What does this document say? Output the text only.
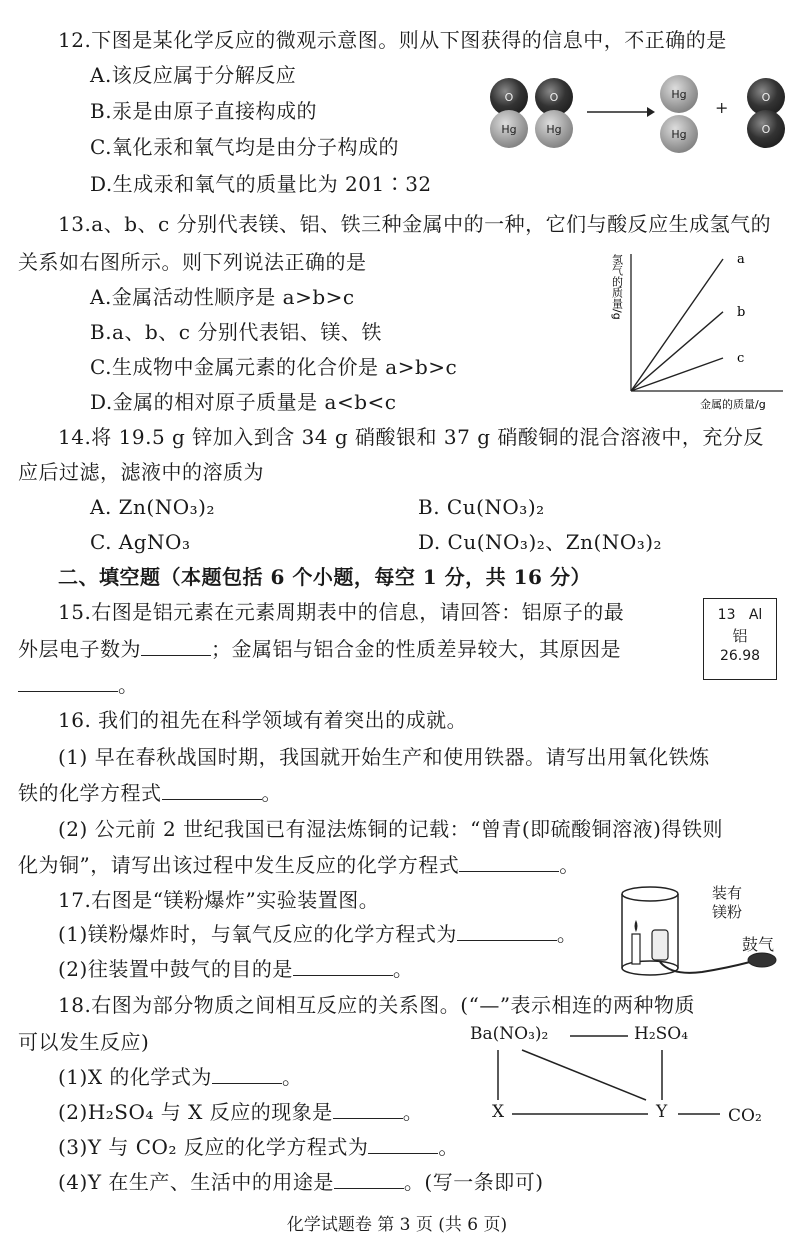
12.下图是某化学反应的微观示意图。则从下图获得的信息中，不正确的是
A.该反应属于分解反应
B.汞是由原子直接构成的
C.氧化汞和氧气均是由分子构成的
D.生成汞和氧气的质量比为 201∶32
O
Hg
O
Hg
Hg
Hg
+
O
O
13.a、b、c 分别代表镁、铝、铁三种金属中的一种，它们与酸反应生成氢气的
关系如右图所示。则下列说法正确的是
A.金属活动性顺序是 a>b>c
B.a、b、c 分别代表铝、镁、铁
C.生成物中金属元素的化合价是 a>b>c
D.金属的相对原子质量是 a<b<c
氢气的质量/g
金属的质量/g
a
b
c
14.将 19.5 g 锌加入到含 34 g 硝酸银和 37 g 硝酸铜的混合溶液中，充分反
应后过滤，滤液中的溶质为
A. Zn(NO₃)₂	B. Cu(NO₃)₂
C. AgNO₃	D. Cu(NO₃)₂、Zn(NO₃)₂
二、填空题（本题包括 6 个小题，每空 1 分，共 16 分）
15.右图是铝元素在元素周期表中的信息，请回答：铝原子的最
外层电子数为	；金属铝与铝合金的性质差异较大，其原因是
。
13 Al
铝
26.98
16. 我们的祖先在科学领域有着突出的成就。
(1) 早在春秋战国时期，我国就开始生产和使用铁器。请写出用氧化铁炼
铁的化学方程式	。
(2) 公元前 2 世纪我国已有湿法炼铜的记载：“曾青(即硫酸铜溶液)得铁则
化为铜”，请写出该过程中发生反应的化学方程式	。
17.右图是“镁粉爆炸”实验装置图。
(1)镁粉爆炸时，与氧气反应的化学方程式为	。
(2)往装置中鼓气的目的是	。
装有镁粉
鼓气
18.右图为部分物质之间相互反应的关系图。(“—”表示相连的两种物质
可以发生反应)
(1)X 的化学式为	。
(2)H₂SO₄ 与 X 反应的现象是	。
(3)Y 与 CO₂ 反应的化学方程式为	。
(4)Y 在生产、生活中的用途是	。(写一条即可)
Ba(NO₃)₂	H₂SO₄
X	Y	CO₂
化学试题卷 第 3 页 (共 6 页)
